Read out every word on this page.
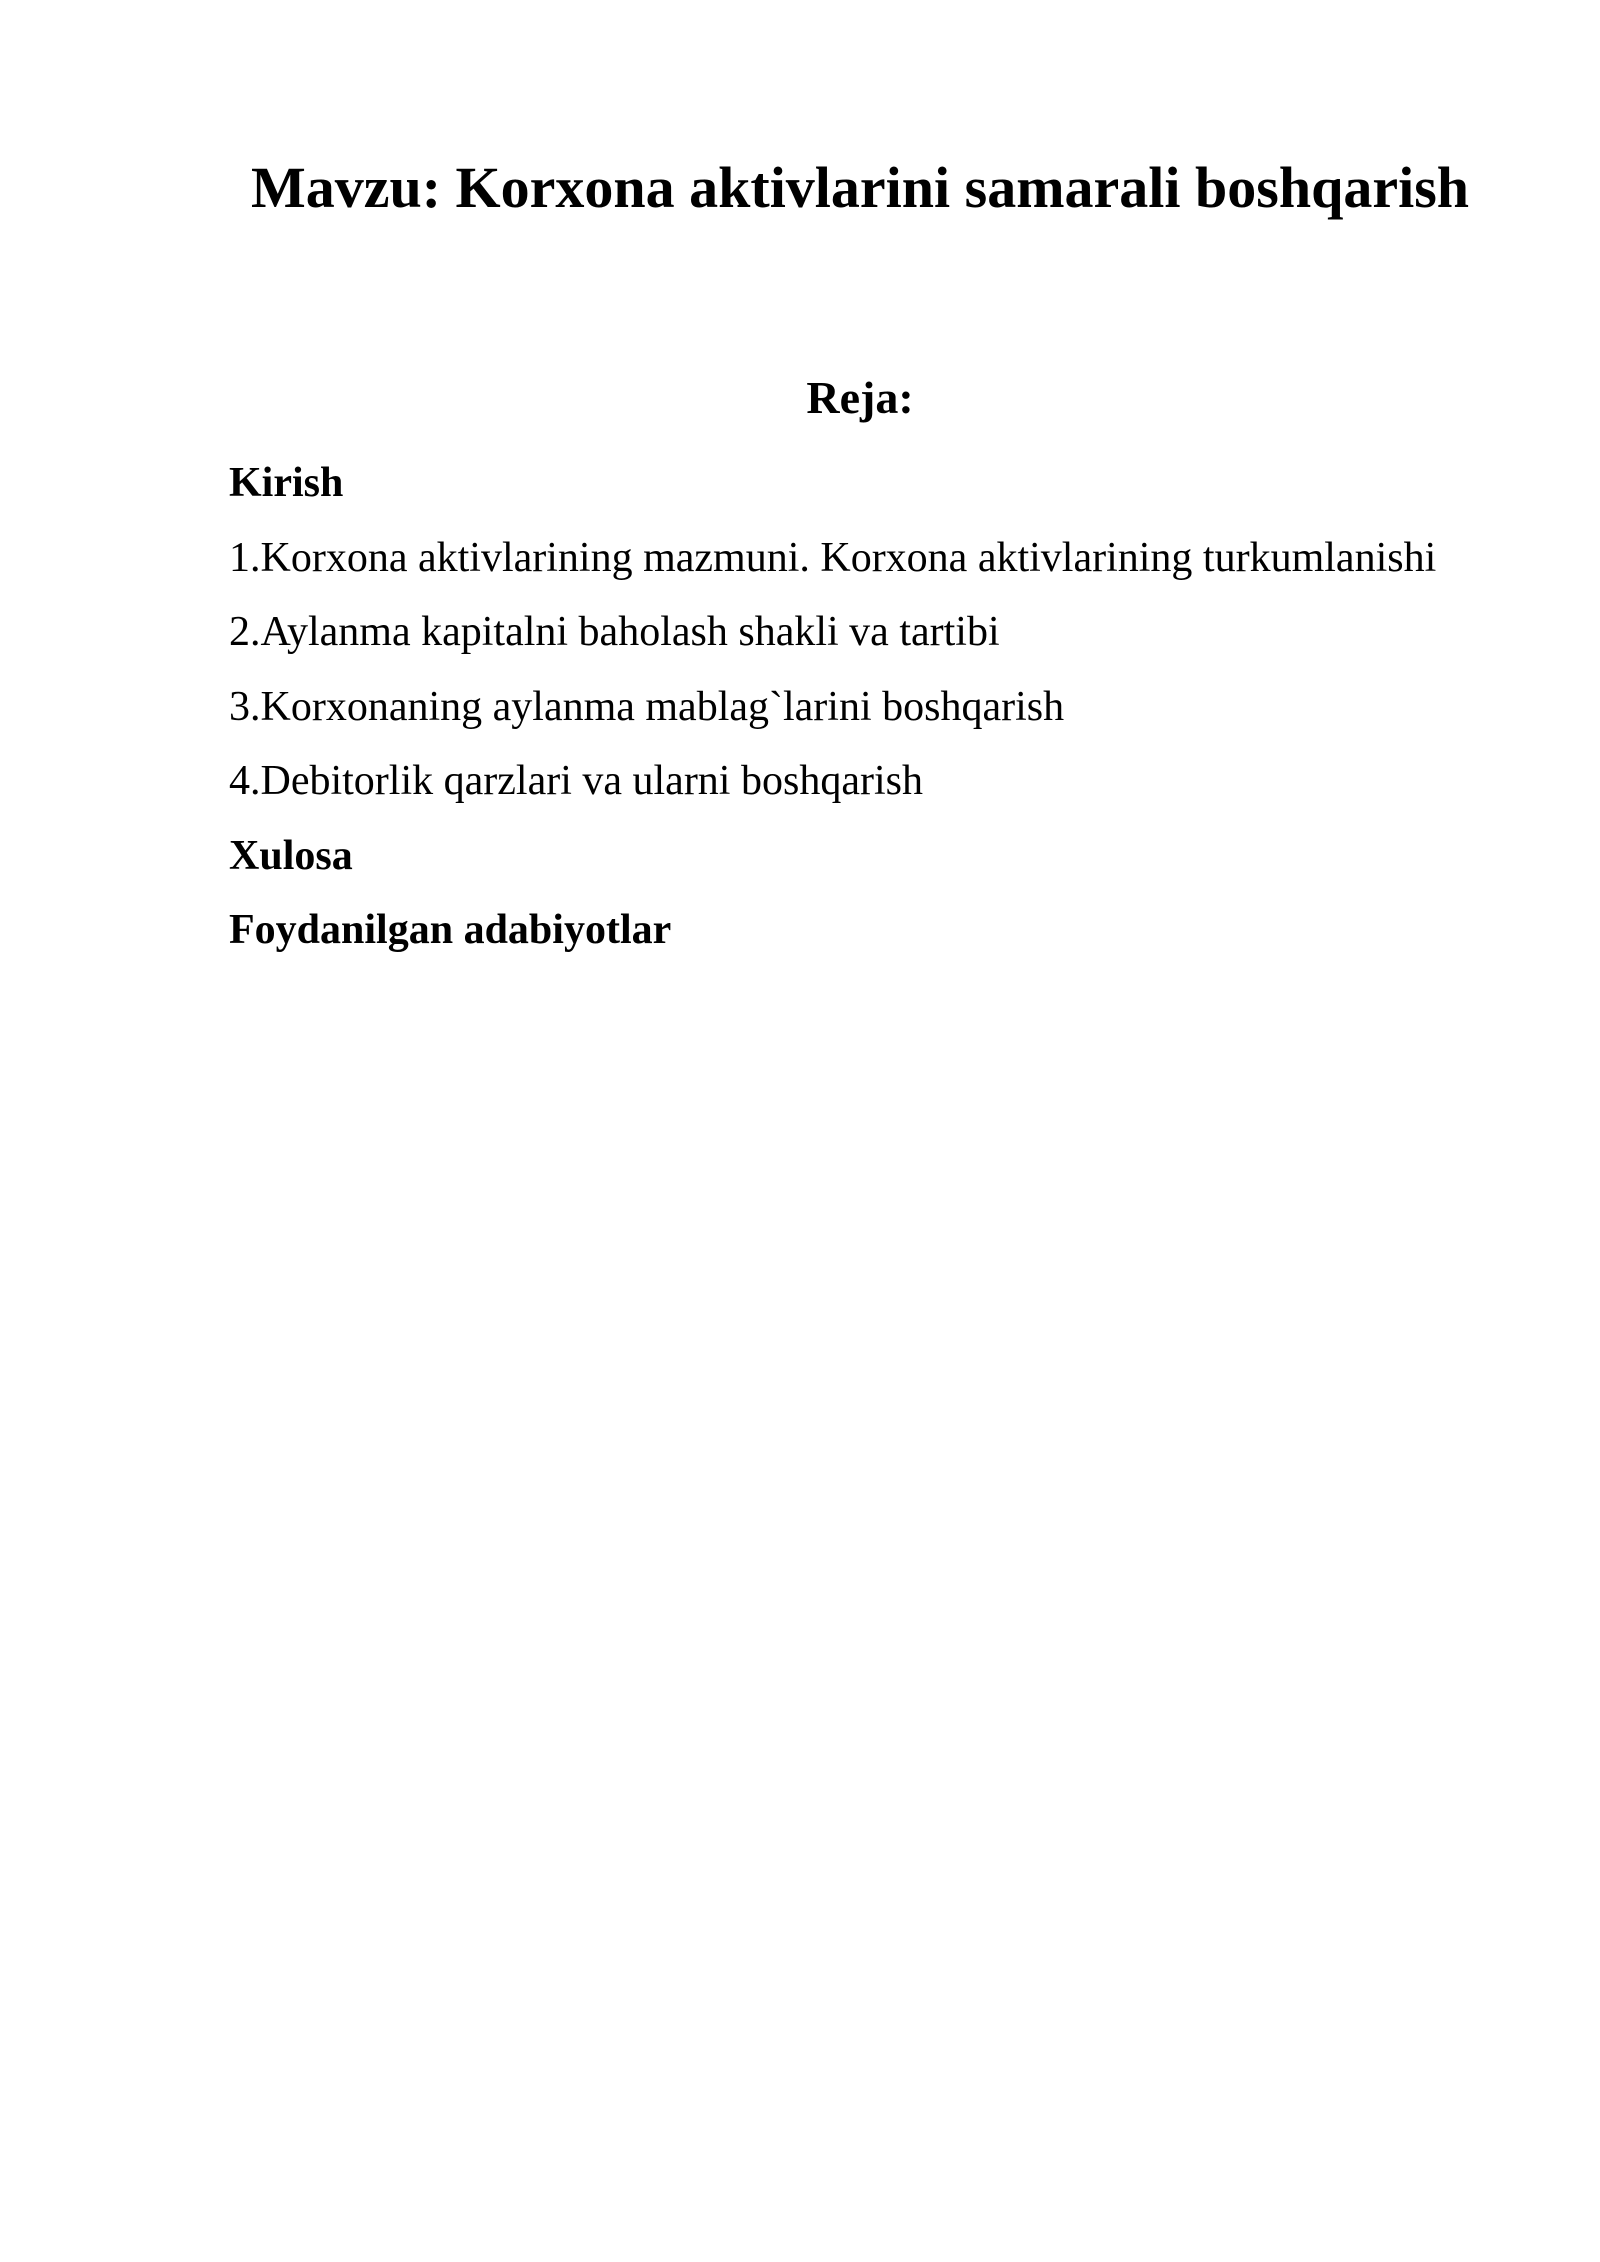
Mavzu: Korxona aktivlarini samarali boshqarish
Reja:
Kirish
1.Korxona aktivlarining mazmuni. Korxona aktivlarining turkumlanishi
2.Aylanma kapitalni baholash shakli va tartibi
3.Korxonaning aylanma mablag`larini boshqarish
4.Debitorlik qarzlari va ularni boshqarish
Xulosa
Foydanilgan adabiyotlar
